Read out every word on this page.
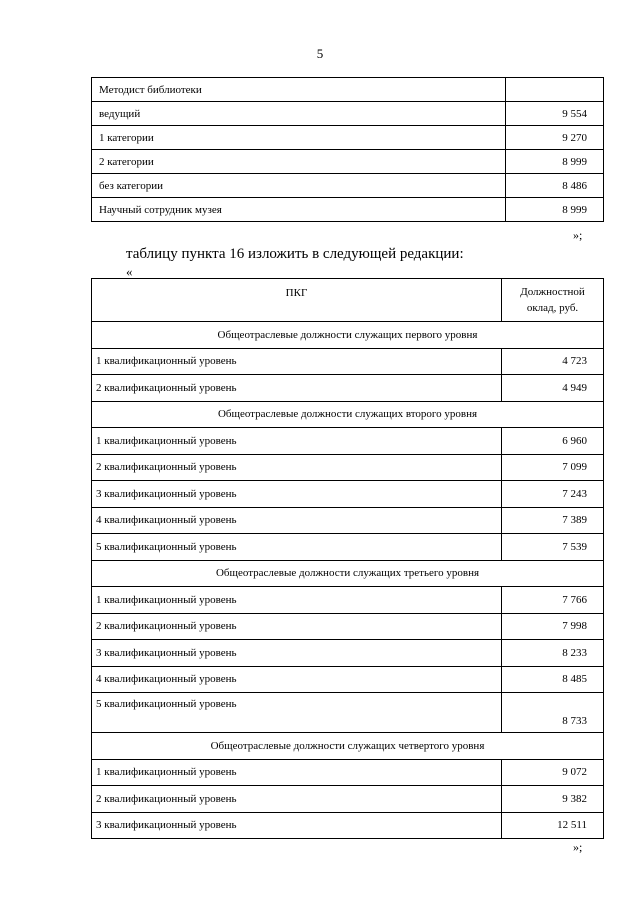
5
Методист библиотеки	
ведущий	9 554
1 категории	9 270
2 категории	8 999
без категории	8 486
Научный сотрудник музея	8 999
»;
таблицу пункта 16 изложить в следующей редакции:
«
ПКГ	Должностной
оклад, руб.
Общеотраслевые должности служащих первого уровня	
1 квалификационный уровень	4 723
2 квалификационный уровень	4 949
Общеотраслевые должности служащих второго уровня	
1 квалификационный уровень	6 960
2 квалификационный уровень	7 099
3 квалификационный уровень	7 243
4 квалификационный уровень	7 389
5 квалификационный уровень	7 539
Общеотраслевые должности служащих третьего уровня	
1 квалификационный уровень	7 766
2 квалификационный уровень	7 998
3 квалификационный уровень	8 233
4 квалификационный уровень	8 485
5 квалификационный уровень	8 733
Общеотраслевые должности служащих четвертого уровня	
1 квалификационный уровень	9 072
2 квалификационный уровень	9 382
3 квалификационный уровень	12 511
»;
